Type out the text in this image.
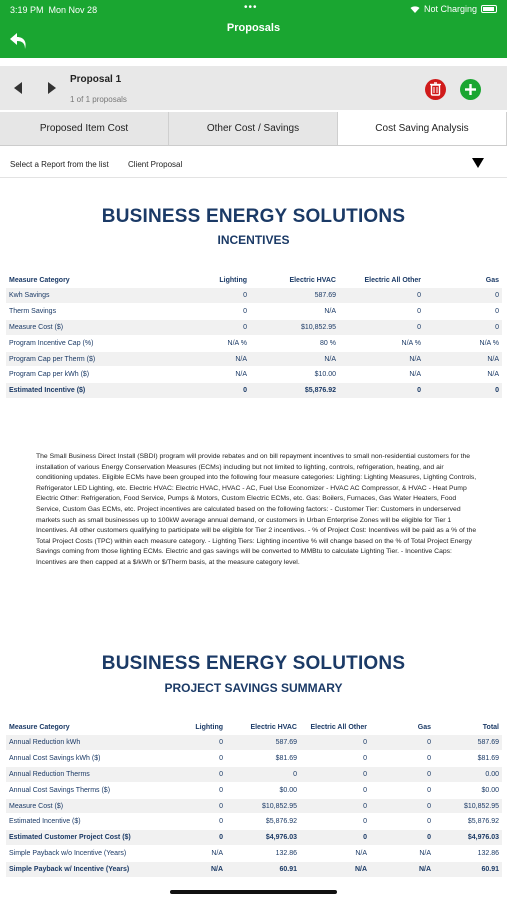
3:19 PM Mon Nov 28	•••	Not Charging
Proposals
Proposal 1
1 of 1 proposals
Proposed Item Cost	Other Cost / Savings	Cost Saving Analysis
Select a Report from the list Client Proposal
BUSINESS ENERGY SOLUTIONS
INCENTIVES
Measure Category	Lighting	Electric HVAC	Electric All Other	Gas
Kwh Savings	0	587.69	0	0
Therm Savings	0	N/A	0	0
Measure Cost ($)	0	$10,852.95	0	0
Program Incentive Cap (%)	N/A %	80 %	N/A %	N/A %
Program Cap per Therm ($)	N/A	N/A	N/A	N/A
Program Cap per kWh ($)	N/A	$10.00	N/A	N/A
Estimated Incentive ($)	0	$5,876.92	0	0
The Small Business Direct Install (SBDI) program will provide rebates and on bill repayment incentives to small non-residential customers for the installation of various Energy Conservation Measures (ECMs) including but not limited to lighting, controls, refrigeration, heating, and air conditioning updates. Eligible ECMs have been grouped into the following four measure categories: Lighting: Lighting Measures, Lighting Controls, Refrigerator LED Lighting, etc. Electric HVAC: Electric HVAC, HVAC - AC, Fuel Use Economizer - HVAC AC Compressor, & HVAC - Heat Pump Electric Other: Refrigeration, Food Service, Pumps & Motors, Custom Electric ECMs, etc. Gas: Boilers, Furnaces, Gas Water Heaters, Food Service, Custom Gas ECMs, etc. Project incentives are calculated based on the following factors: - Customer Tier: Customers in underserved markets such as small businesses up to 100kW average annual demand, or customers in Urban Enterprise Zones will be eligible for Tier 1 Incentives. All other customers qualifying to participate will be eligible for Tier 2 incentives. - % of Project Cost: Incentives will be paid as a % of the Total Project Costs (TPC) within each measure category. - Lighting Tiers: Lighting incentive % will change based on the % of Total Project Energy Savings coming from those lighting ECMs. Electric and gas savings will be converted to MMBtu to calculate Lighting Tier. - Incentive Caps: Incentives are then capped at a $/kWh or $/Therm basis, at the measure category level.
BUSINESS ENERGY SOLUTIONS
PROJECT SAVINGS SUMMARY
Measure Category	Lighting	Electric HVAC	Electric All Other	Gas	Total
Annual Reduction kWh	0	587.69	0	0	587.69
Annual Cost Savings kWh ($)	0	$81.69	0	0	$81.69
Annual Reduction Therms	0	0	0	0	0.00
Annual Cost Savings Therms ($)	0	$0.00	0	0	$0.00
Measure Cost ($)	0	$10,852.95	0	0	$10,852.95
Estimated Incentive ($)	0	$5,876.92	0	0	$5,876.92
Estimated Customer Project Cost ($)	0	$4,976.03	0	0	$4,976.03
Simple Payback w/o Incentive (Years)	N/A	132.86	N/A	N/A	132.86
Simple Payback w/ Incentive (Years)	N/A	60.91	N/A	N/A	60.91
